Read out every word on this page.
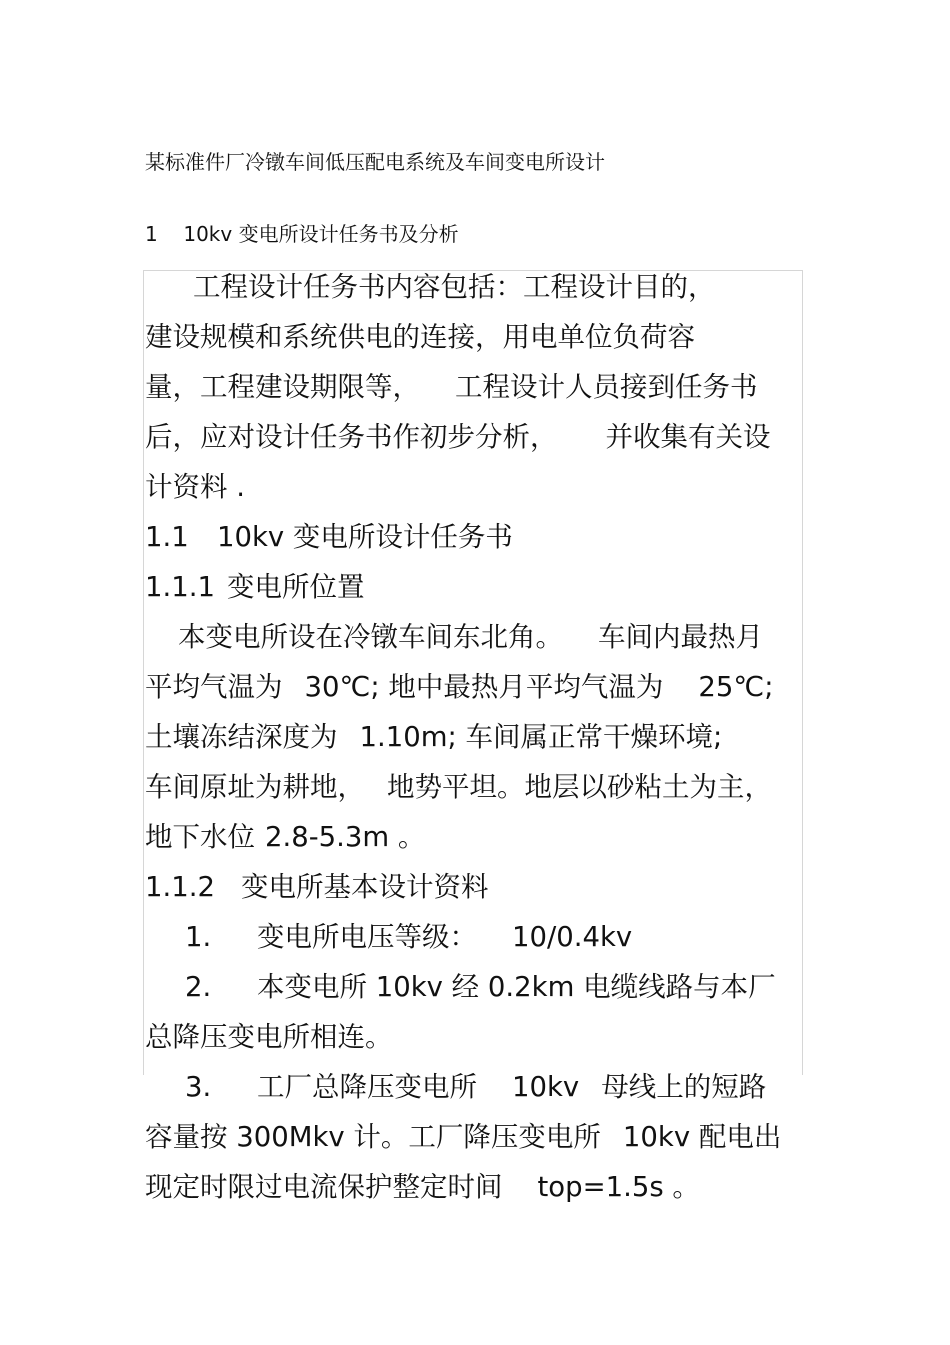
某标准件厂冷镦车间低压配电系统及车间变电所设计
1 10kv 变电所设计任务书及分析
工程设计任务书内容包括：工程设计目的，
建设规模和系统供电的连接，用电单位负荷容
量，工程建设期限等， 工程设计人员接到任务书
后，应对设计任务书作初步分析， 并收集有关设
计资料 .
1.1 10kv 变电所设计任务书
1.1.1 变电所位置
本变电所设在冷镦车间东北角。 车间内最热月
平均气温为 30℃; 地中最热月平均气温为 25℃;
土壤冻结深度为 1.10m; 车间属正常干燥环境;
车间原址为耕地， 地势平坦。地层以砂粘土为主，
地下水位 2.8-5.3m 。
1.1.2 变电所基本设计资料
1. 变电所电压等级： 10/0.4kv
2. 本变电所 10kv 经 0.2km 电缆线路与本厂
总降压变电所相连。
3. 工厂总降压变电所 10kv 母线上的短路
容量按 300Mkv 计。工厂降压变电所 10kv 配电出
现定时限过电流保护整定时间 top=1.5s 。
